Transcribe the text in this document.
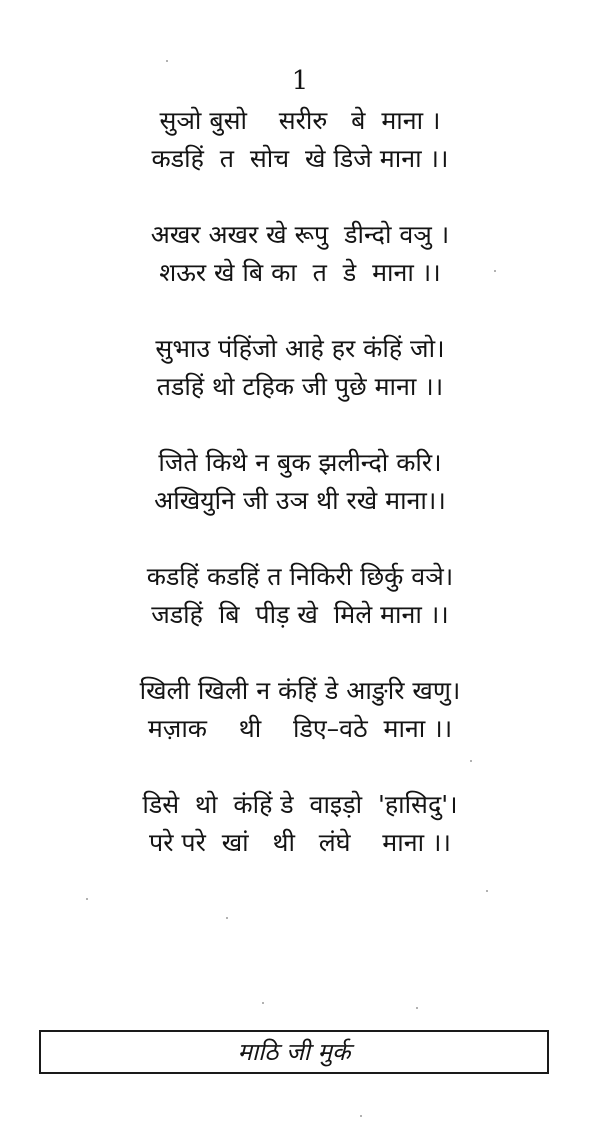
1
सुञो बुसो    सरीरु   बे  माना ।
कडहिं  त  सोच  खे डिजे माना ।।
अखर अखर खे रूपु  डीन्दो वञु ।
शऊर खे बि का  त  डे  माना ।।
सुभाउ पंहिंजो आहे हर कंहिं जो।
तडहिं थो टहिक जी पुछे माना ।।
जिते किथे न बुक झलीन्दो करि।
अखियुनि जी उञ थी रखे माना।।
कडहिं कडहिं त निकिरी छिर्कु वञे।
जडहिं  बि  पीड़ खे  मिले माना ।।
खिली खिली न कंहिं डे आङुरि खणु।
मज़ाक    थी    डिए–वठे  माना ।।
डिसे  थो  कंहिं डे  वाइड़ो  'हासिदु'।
परे परे  खां   थी   लंघे    माना ।।
माठि जी मुर्क
